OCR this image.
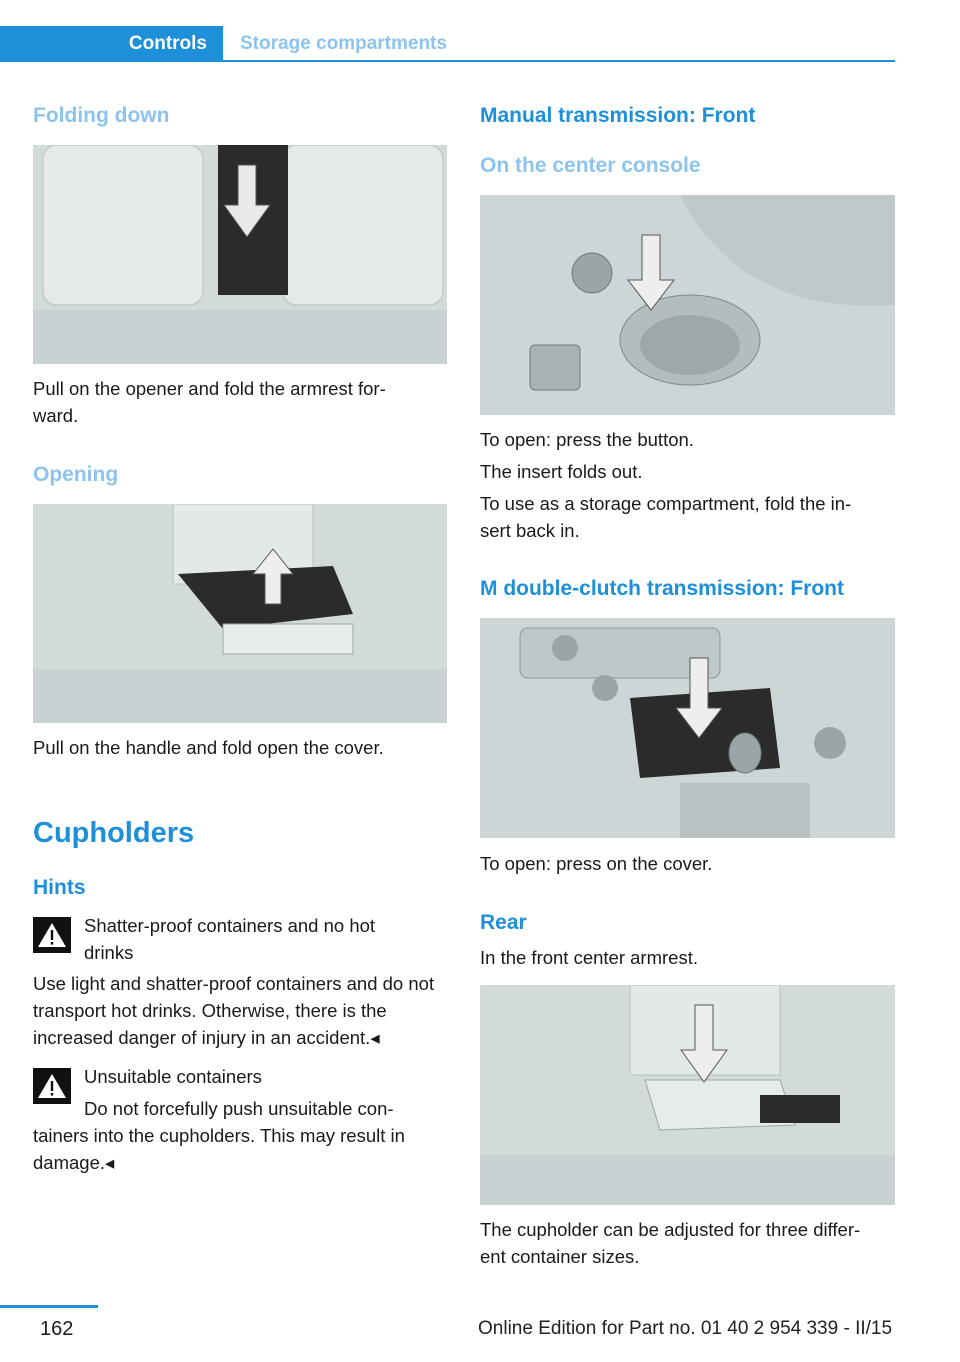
Controls	Storage compartments
Folding down
Pull on the opener and fold the armrest for-
ward.
Opening
Pull on the handle and fold open the cover.
Cupholders
Hints
Shatter-proof containers and no hot drinks
Use light and shatter-proof containers and do not transport hot drinks. Otherwise, there is the increased danger of injury in an accident.◂
Unsuitable containers
Do not forcefully push unsuitable con-
tainers into the cupholders. This may result in damage.◂
Manual transmission: Front
On the center console
To open: press the button.
The insert folds out.
To use as a storage compartment, fold the in-
sert back in.
M double-clutch transmission: Front
To open: press on the cover.
Rear
In the front center armrest.
The cupholder can be adjusted for three differ-
ent container sizes.
162	Online Edition for Part no. 01 40 2 954 339 - II/15
